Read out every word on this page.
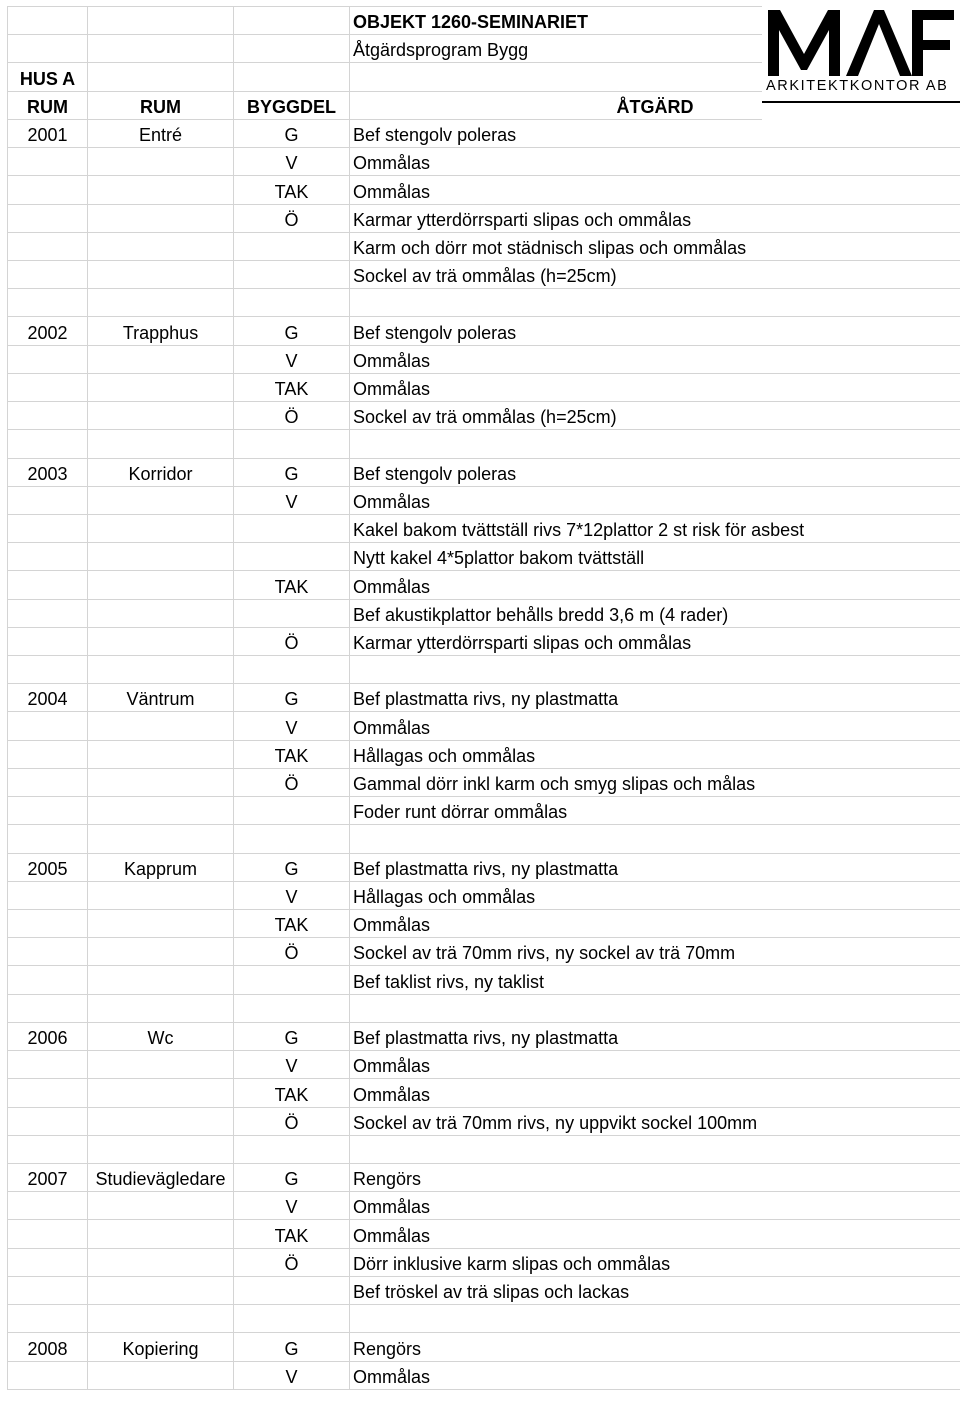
			OBJEKT 1260-SEMINARIET
			Åtgärdsprogram Bygg
HUS A			
RUM	RUM	BYGGDEL	ÅTGÄRD
2001	Entré	G	Bef stengolv poleras
		V	Ommålas
		TAK	Ommålas
		Ö	Karmar ytterdörrsparti slipas och ommålas
			Karm och dörr mot städnisch slipas och ommålas
			Sockel av trä ommålas (h=25cm)

2002	Trapphus	G	Bef stengolv poleras
		V	Ommålas
		TAK	Ommålas
		Ö	Sockel av trä ommålas (h=25cm)

2003	Korridor	G	Bef stengolv poleras
		V	Ommålas
			Kakel bakom tvättställ rivs 7*12plattor 2 st risk för asbest
			Nytt kakel 4*5plattor bakom tvättställ
		TAK	Ommålas
			Bef akustikplattor behålls bredd 3,6 m (4 rader)
		Ö	Karmar ytterdörrsparti slipas och ommålas

2004	Väntrum	G	Bef plastmatta rivs, ny plastmatta
		V	Ommålas
		TAK	Hållagas och ommålas
		Ö	Gammal dörr inkl karm och smyg slipas och målas
			Foder runt dörrar ommålas

2005	Kapprum	G	Bef plastmatta rivs, ny plastmatta
		V	Hållagas och ommålas
		TAK	Ommålas
		Ö	Sockel av trä 70mm rivs, ny sockel av trä 70mm
			Bef taklist rivs, ny taklist

2006	Wc	G	Bef plastmatta rivs, ny plastmatta
		V	Ommålas
		TAK	Ommålas
		Ö	Sockel av trä 70mm rivs, ny uppvikt sockel 100mm

2007	Studievägledare	G	Rengörs
		V	Ommålas
		TAK	Ommålas
		Ö	Dörr inklusive karm slipas och ommålas
			Bef tröskel av trä slipas och lackas

2008	Kopiering	G	Rengörs
		V	Ommålas
ARKITEKTKONTOR AB
